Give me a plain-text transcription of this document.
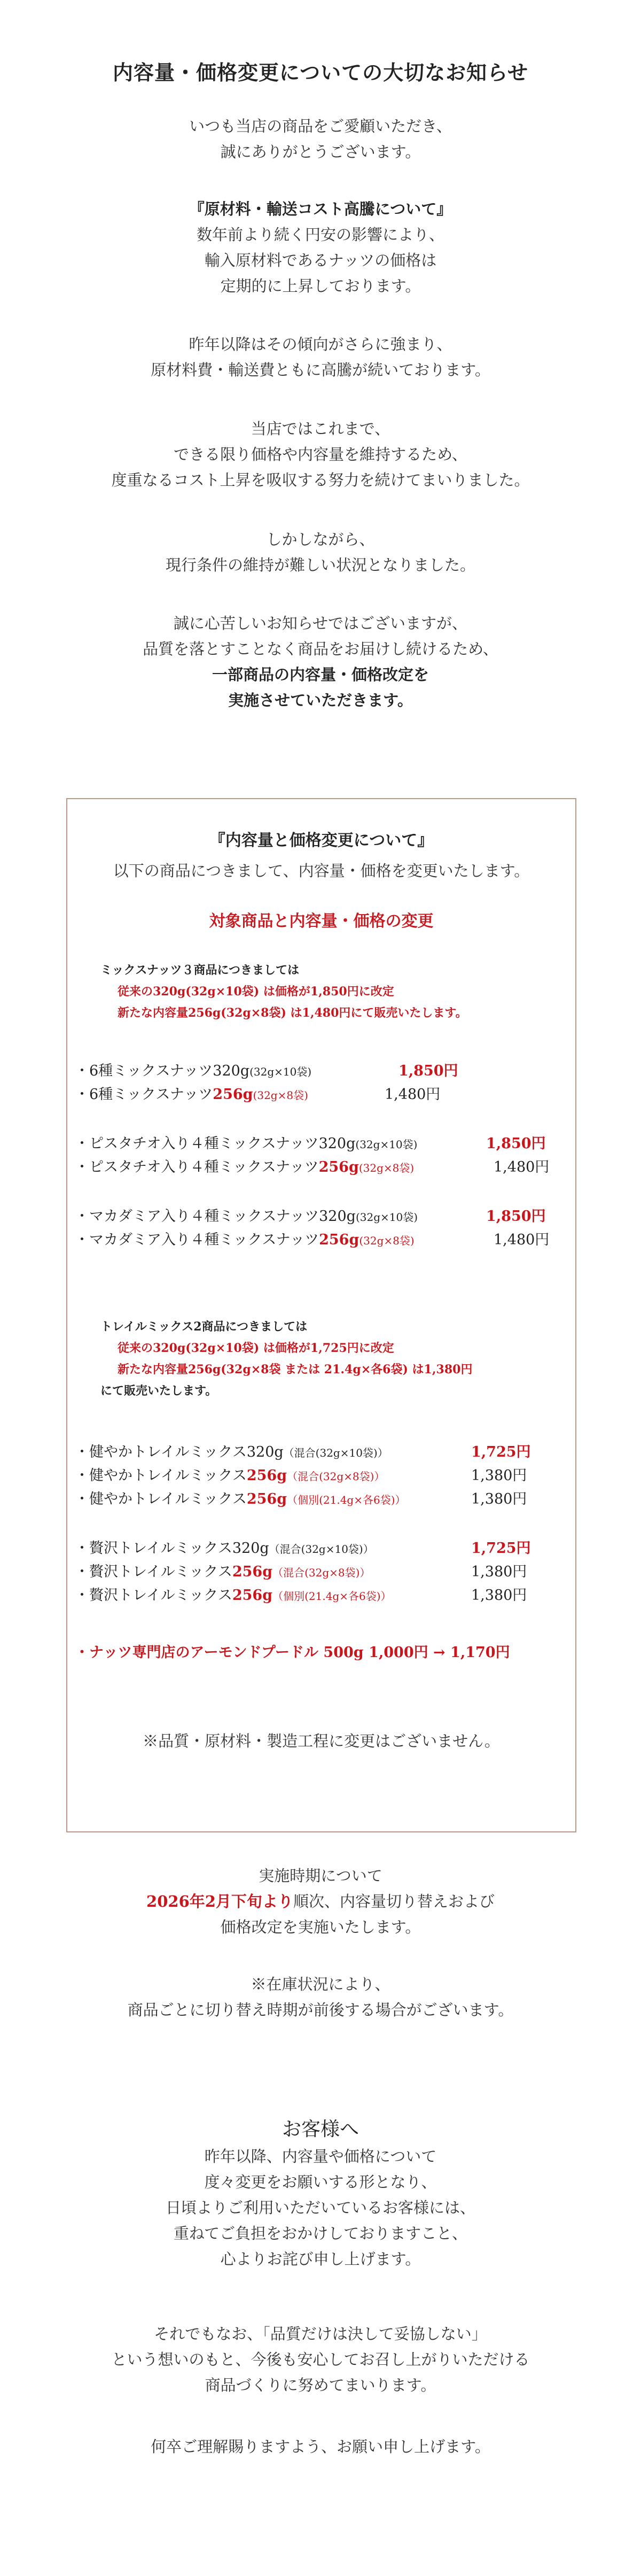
内容量・価格変更についての大切なお知らせ
いつも当店の商品をご愛顧いただき、
誠にありがとうございます。
『原材料・輸送コスト高騰について』
数年前より続く円安の影響により、
輸入原材料であるナッツの価格は
定期的に上昇しております。
昨年以降はその傾向がさらに強まり、
原材料費・輸送費ともに高騰が続いております。
当店ではこれまで、
できる限り価格や内容量を維持するため、
度重なるコスト上昇を吸収する努力を続けてまいりました。
しかしながら、
現行条件の維持が難しい状況となりました。
誠に心苦しいお知らせではございますが、
品質を落とすことなく商品をお届けし続けるため、
一部商品の内容量・価格改定を
実施させていただきます。
『内容量と価格変更について』
以下の商品につきまして、内容量・価格を変更いたします。
対象商品と内容量・価格の変更
ミックスナッツ３商品につきましては
従来の320g(32g×10袋) は価格が1,850円に改定
新たな内容量256g(32g×8袋) は1,480円にて販売いたします。
・6種ミックスナッツ320g(32g×10袋)	1,850円
・6種ミックスナッツ256g(32g×8袋)	1,480円
・ピスタチオ入り４種ミックスナッツ320g(32g×10袋)	1,850円
・ピスタチオ入り４種ミックスナッツ256g(32g×8袋)	1,480円
・マカダミア入り４種ミックスナッツ320g(32g×10袋)	1,850円
・マカダミア入り４種ミックスナッツ256g(32g×8袋)	1,480円
トレイルミックス2商品につきましては
従来の320g(32g×10袋) は価格が1,725円に改定
新たな内容量256g(32g×8袋 または 21.4g×各6袋) は1,380円
にて販売いたします。
・健やかトレイルミックス320g（混合(32g×10袋)）	1,725円
・健やかトレイルミックス256g（混合(32g×8袋)）	1,380円
・健やかトレイルミックス256g（個別(21.4g×各6袋)）	1,380円
・贅沢トレイルミックス320g（混合(32g×10袋)）	1,725円
・贅沢トレイルミックス256g（混合(32g×8袋)）	1,380円
・贅沢トレイルミックス256g（個別(21.4g×各6袋)）	1,380円
・ナッツ専門店のアーモンドプードル 500g 1,000円 → 1,170円
※品質・原材料・製造工程に変更はございません。
実施時期について
2026年2月下旬より順次、内容量切り替えおよび
価格改定を実施いたします。
※在庫状況により、
商品ごとに切り替え時期が前後する場合がございます。
お客様へ
昨年以降、内容量や価格について
度々変更をお願いする形となり、
日頃よりご利用いただいているお客様には、
重ねてご負担をおかけしておりますこと、
心よりお詫び申し上げます。
それでもなお、「品質だけは決して妥協しない」
という想いのもと、今後も安心してお召し上がりいただける
商品づくりに努めてまいります。
何卒ご理解賜りますよう、お願い申し上げます。
